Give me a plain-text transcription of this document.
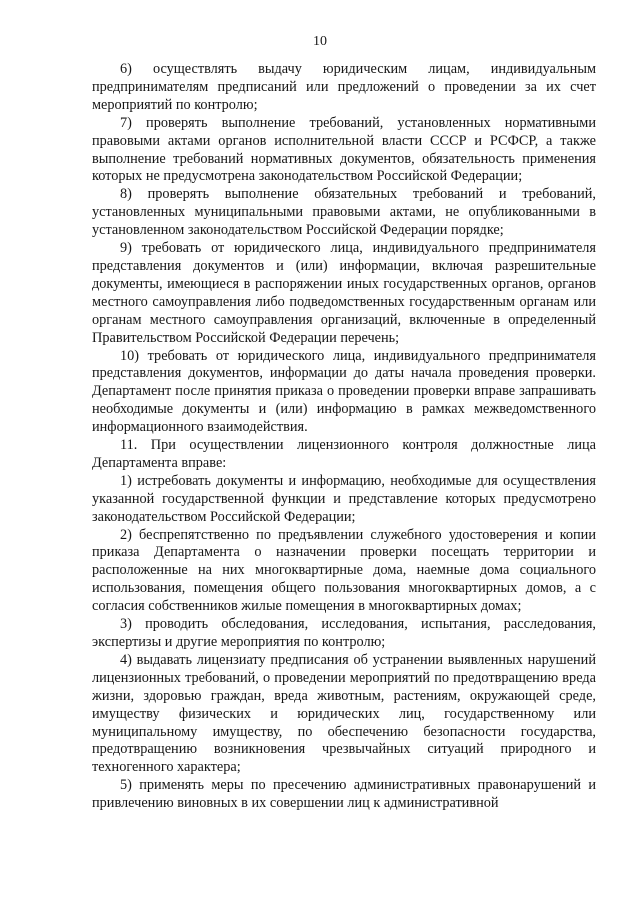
10

6) осуществлять выдачу юридическим лицам, индивидуальным предпринимателям предписаний или предложений о проведении за их счет мероприятий по контролю;

7) проверять выполнение требований, установленных нормативными правовыми актами органов исполнительной власти СССР и РСФСР, а также выполнение требований нормативных документов, обязательность применения которых не предусмотрена законодательством Российской Федерации;

8) проверять выполнение обязательных требований и требований, установленных муниципальными правовыми актами, не опубликованными в установленном законодательством Российской Федерации порядке;

9) требовать от юридического лица, индивидуального предпринимателя представления документов и (или) информации, включая разрешительные документы, имеющиеся в распоряжении иных государственных органов, органов местного самоуправления либо подведомственных государственным органам или органам местного самоуправления организаций, включенные в определенный Правительством Российской Федерации перечень;

10) требовать от юридического лица, индивидуального предпринимателя представления документов, информации до даты начала проведения проверки. Департамент после принятия приказа о проведении проверки вправе запрашивать необходимые документы и (или) информацию в рамках межведомственного информационного взаимодействия.

11. При осуществлении лицензионного контроля должностные лица Департамента вправе:

1) истребовать документы и информацию, необходимые для осуществления указанной государственной функции и представление которых предусмотрено законодательством Российской Федерации;

2) беспрепятственно по предъявлении служебного удостоверения и копии приказа Департамента о назначении проверки посещать территории и расположенные на них многоквартирные дома, наемные дома социального использования, помещения общего пользования многоквартирных домов, а с согласия собственников жилые помещения в многоквартирных домах;

3) проводить обследования, исследования, испытания, расследования, экспертизы и другие мероприятия по контролю;

4) выдавать лицензиату предписания об устранении выявленных нарушений лицензионных требований, о проведении мероприятий по предотвращению вреда жизни, здоровью граждан, вреда животным, растениям, окружающей среде, имуществу физических и юридических лиц, государственному или муниципальному имуществу, по обеспечению безопасности государства, предотвращению возникновения чрезвычайных ситуаций природного и техногенного характера;

5) применять меры по пресечению административных правонарушений и привлечению виновных в их совершении лиц к административной
